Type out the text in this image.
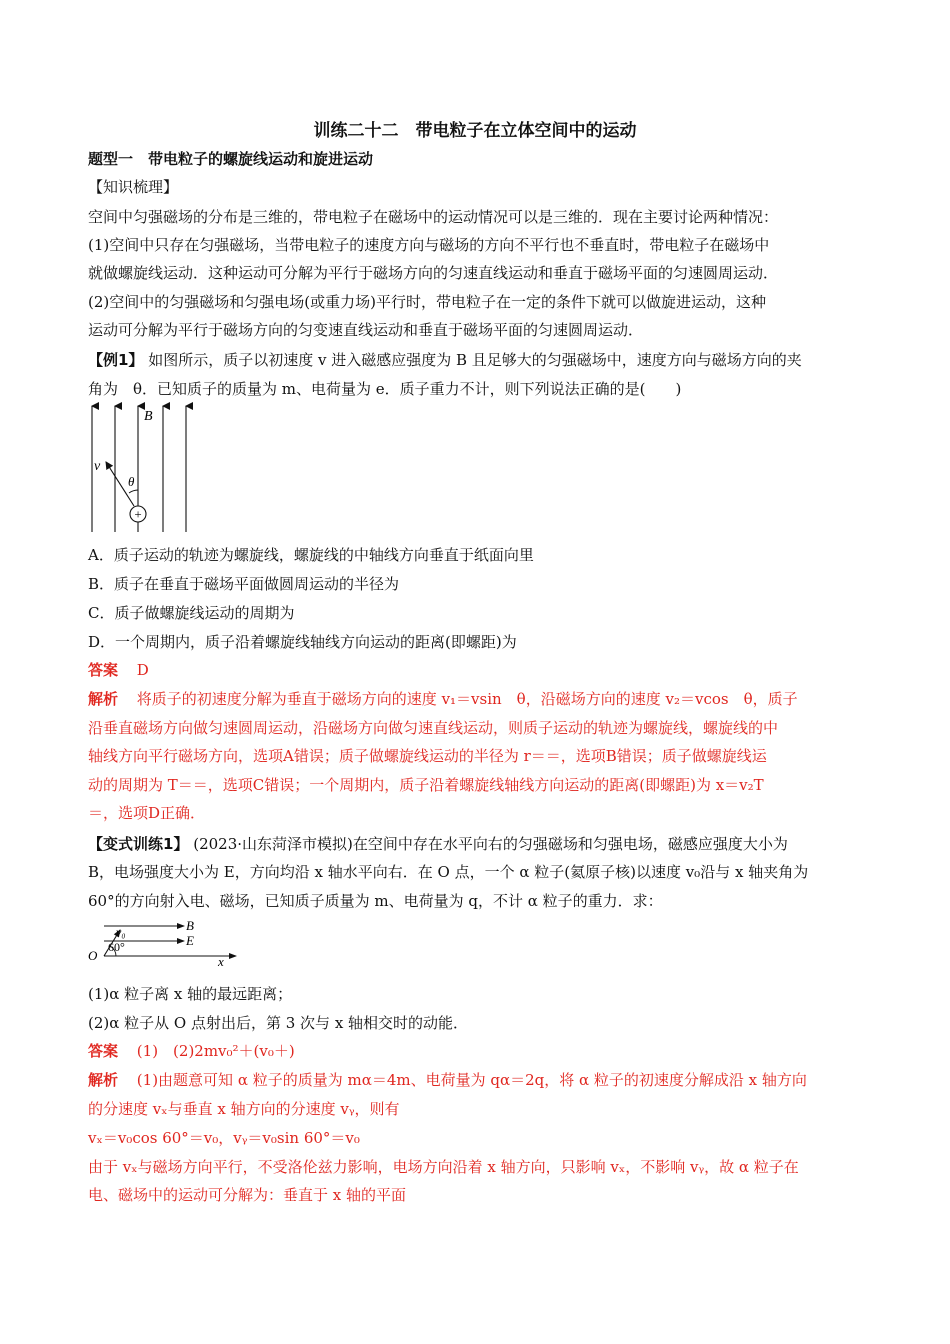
训练二十二　带电粒子在立体空间中的运动
题型一　带电粒子的螺旋线运动和旋进运动
【知识梳理】
空间中匀强磁场的分布是三维的，带电粒子在磁场中的运动情况可以是三维的．现在主要讨论两种情况：
(1)空间中只存在匀强磁场，当带电粒子的速度方向与磁场的方向不平行也不垂直时，带电粒子在磁场中
就做螺旋线运动．这种运动可分解为平行于磁场方向的匀速直线运动和垂直于磁场平面的匀速圆周运动．
(2)空间中的匀强磁场和匀强电场(或重力场)平行时，带电粒子在一定的条件下就可以做旋进运动，这种
运动可分解为平行于磁场方向的匀变速直线运动和垂直于磁场平面的匀速圆周运动．
【例1】 如图所示，质子以初速度 v 进入磁感应强度为 B 且足够大的匀强磁场中，速度方向与磁场方向的夹
角为　θ．已知质子的质量为 m、电荷量为 e．质子重力不计，则下列说法正确的是(　　)
+
B
v
θ
A．质子运动的轨迹为螺旋线，螺旋线的中轴线方向垂直于纸面向里
B．质子在垂直于磁场平面做圆周运动的半径为
C．质子做螺旋线运动的周期为
D．一个周期内，质子沿着螺旋线轴线方向运动的距离(即螺距)为
答案 D
解析 将质子的初速度分解为垂直于磁场方向的速度 v₁＝vsin　θ，沿磁场方向的速度 v₂＝vcos　θ，质子
沿垂直磁场方向做匀速圆周运动，沿磁场方向做匀速直线运动，则质子运动的轨迹为螺旋线，螺旋线的中
轴线方向平行磁场方向，选项A错误；质子做螺旋线运动的半径为 r＝＝，选项B错误；质子做螺旋线运
动的周期为 T＝＝，选项C错误；一个周期内，质子沿着螺旋线轴线方向运动的距离(即螺距)为 x＝v₂T
＝，选项D正确．
【变式训练1】 (2023·山东菏泽市模拟)在空间中存在水平向右的匀强磁场和匀强电场，磁感应强度大小为
B，电场强度大小为 E，方向均沿 x 轴水平向右．在 O 点，一个 α 粒子(氦原子核)以速度 v₀沿与 x 轴夹角为
60°的方向射入电、磁场，已知质子质量为 m、电荷量为 q，不计 α 粒子的重力．求：
v₀
60°
B
E
O	x
(1)α 粒子离 x 轴的最远距离；
(2)α 粒子从 O 点射出后，第 3 次与 x 轴相交时的动能．
答案 (1)　(2)2mv₀²＋(v₀＋)
解析 (1)由题意可知 α 粒子的质量为 mα＝4m、电荷量为 qα＝2q，将 α 粒子的初速度分解成沿 x 轴方向
的分速度 vₓ与垂直 x 轴方向的分速度 vᵧ，则有
vₓ＝v₀cos 60°＝v₀，vᵧ＝v₀sin 60°＝v₀
由于 vₓ与磁场方向平行，不受洛伦兹力影响，电场方向沿着 x 轴方向，只影响 vₓ，不影响 vᵧ，故 α 粒子在
电、磁场中的运动可分解为：垂直于 x 轴的平面
